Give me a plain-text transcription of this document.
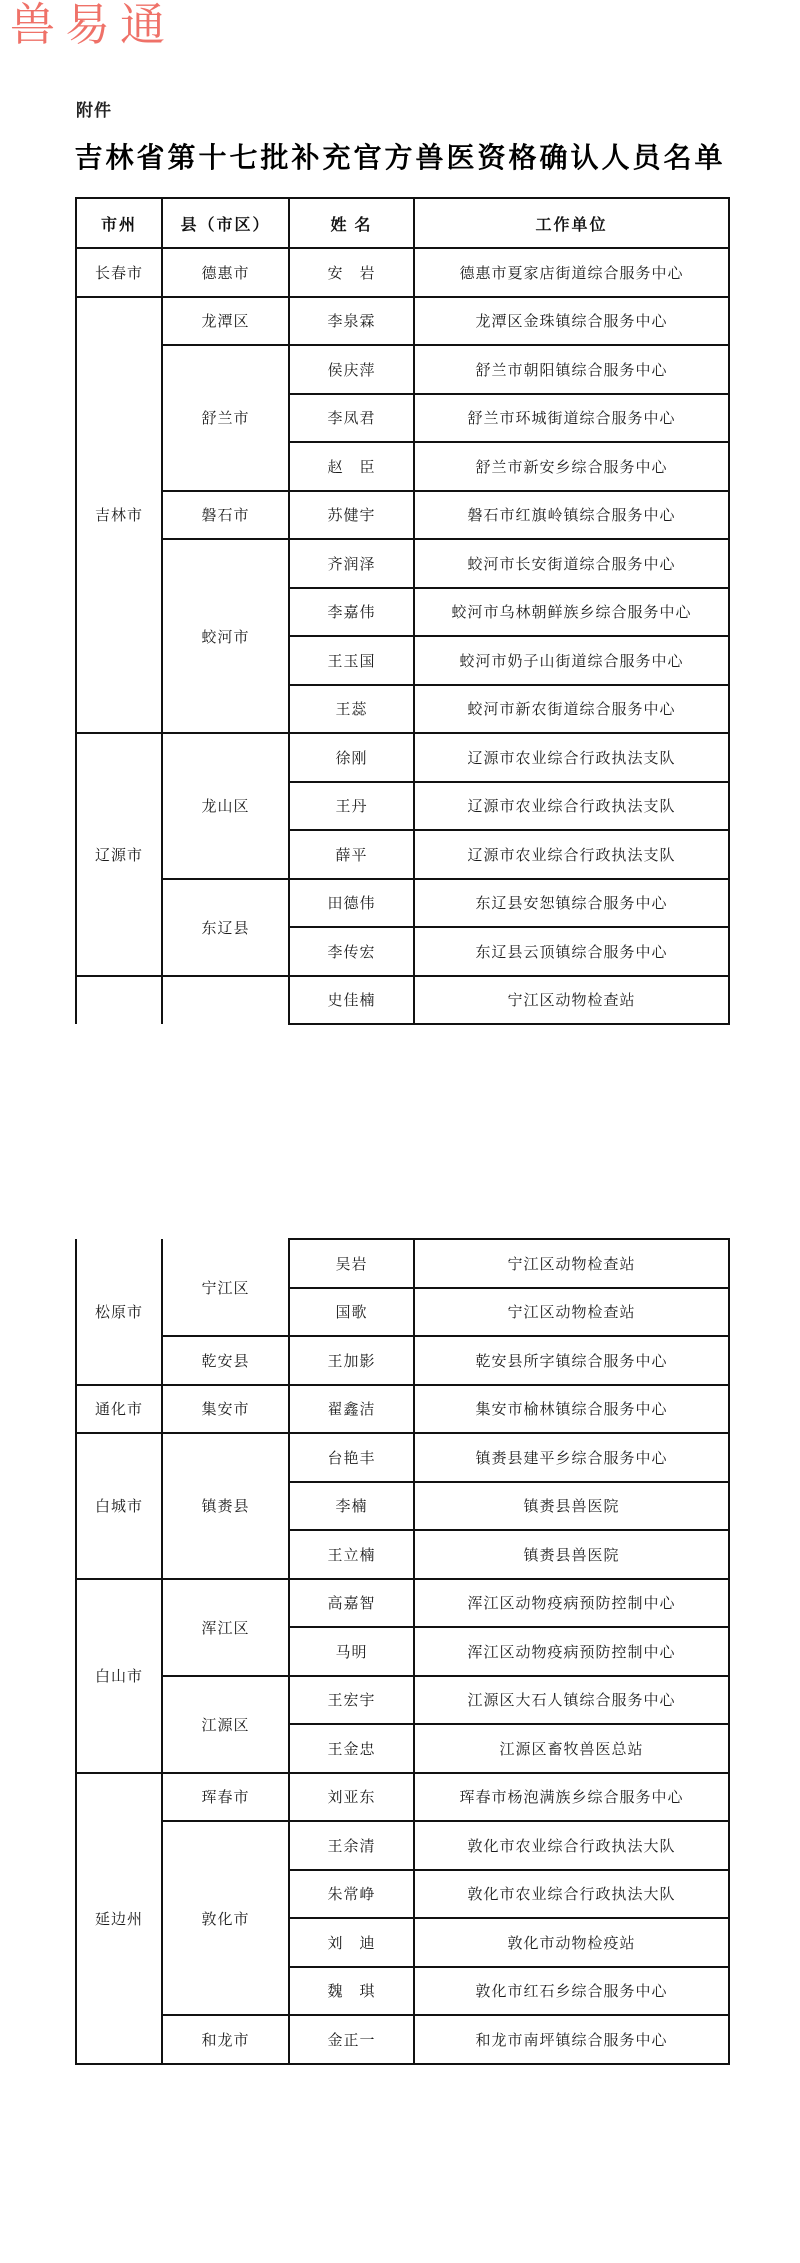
兽易通
附件
吉林省第十七批补充官方兽医资格确认人员名单
市州	县（市区）	姓 名	工作单位
长春市	德惠市	安　岩	德惠市夏家店街道综合服务中心
吉林市	龙潭区	李泉霖	龙潭区金珠镇综合服务中心
	舒兰市	侯庆萍	舒兰市朝阳镇综合服务中心
		李凤君	舒兰市环城街道综合服务中心
		赵　臣	舒兰市新安乡综合服务中心
	磐石市	苏健宇	磐石市红旗岭镇综合服务中心
	蛟河市	齐润泽	蛟河市长安街道综合服务中心
		李嘉伟	蛟河市乌林朝鲜族乡综合服务中心
		王玉国	蛟河市奶子山街道综合服务中心
		王蕊	蛟河市新农街道综合服务中心
辽源市	龙山区	徐刚	辽源市农业综合行政执法支队
		王丹	辽源市农业综合行政执法支队
		薛平	辽源市农业综合行政执法支队
	东辽县	田德伟	东辽县安恕镇综合服务中心
		李传宏	东辽县云顶镇综合服务中心
		史佳楠	宁江区动物检查站
松原市	宁江区	吴岩	宁江区动物检查站
		国歌	宁江区动物检查站
	乾安县	王加影	乾安县所字镇综合服务中心
通化市	集安市	翟鑫洁	集安市榆林镇综合服务中心
白城市	镇赉县	台艳丰	镇赉县建平乡综合服务中心
		李楠	镇赉县兽医院
		王立楠	镇赉县兽医院
白山市	浑江区	高嘉智	浑江区动物疫病预防控制中心
		马明	浑江区动物疫病预防控制中心
	江源区	王宏宇	江源区大石人镇综合服务中心
		王金忠	江源区畜牧兽医总站
延边州	珲春市	刘亚东	珲春市杨泡满族乡综合服务中心
	敦化市	王余清	敦化市农业综合行政执法大队
		朱常峥	敦化市农业综合行政执法大队
		刘　迪	敦化市动物检疫站
		魏　琪	敦化市红石乡综合服务中心
	和龙市	金正一	和龙市南坪镇综合服务中心
